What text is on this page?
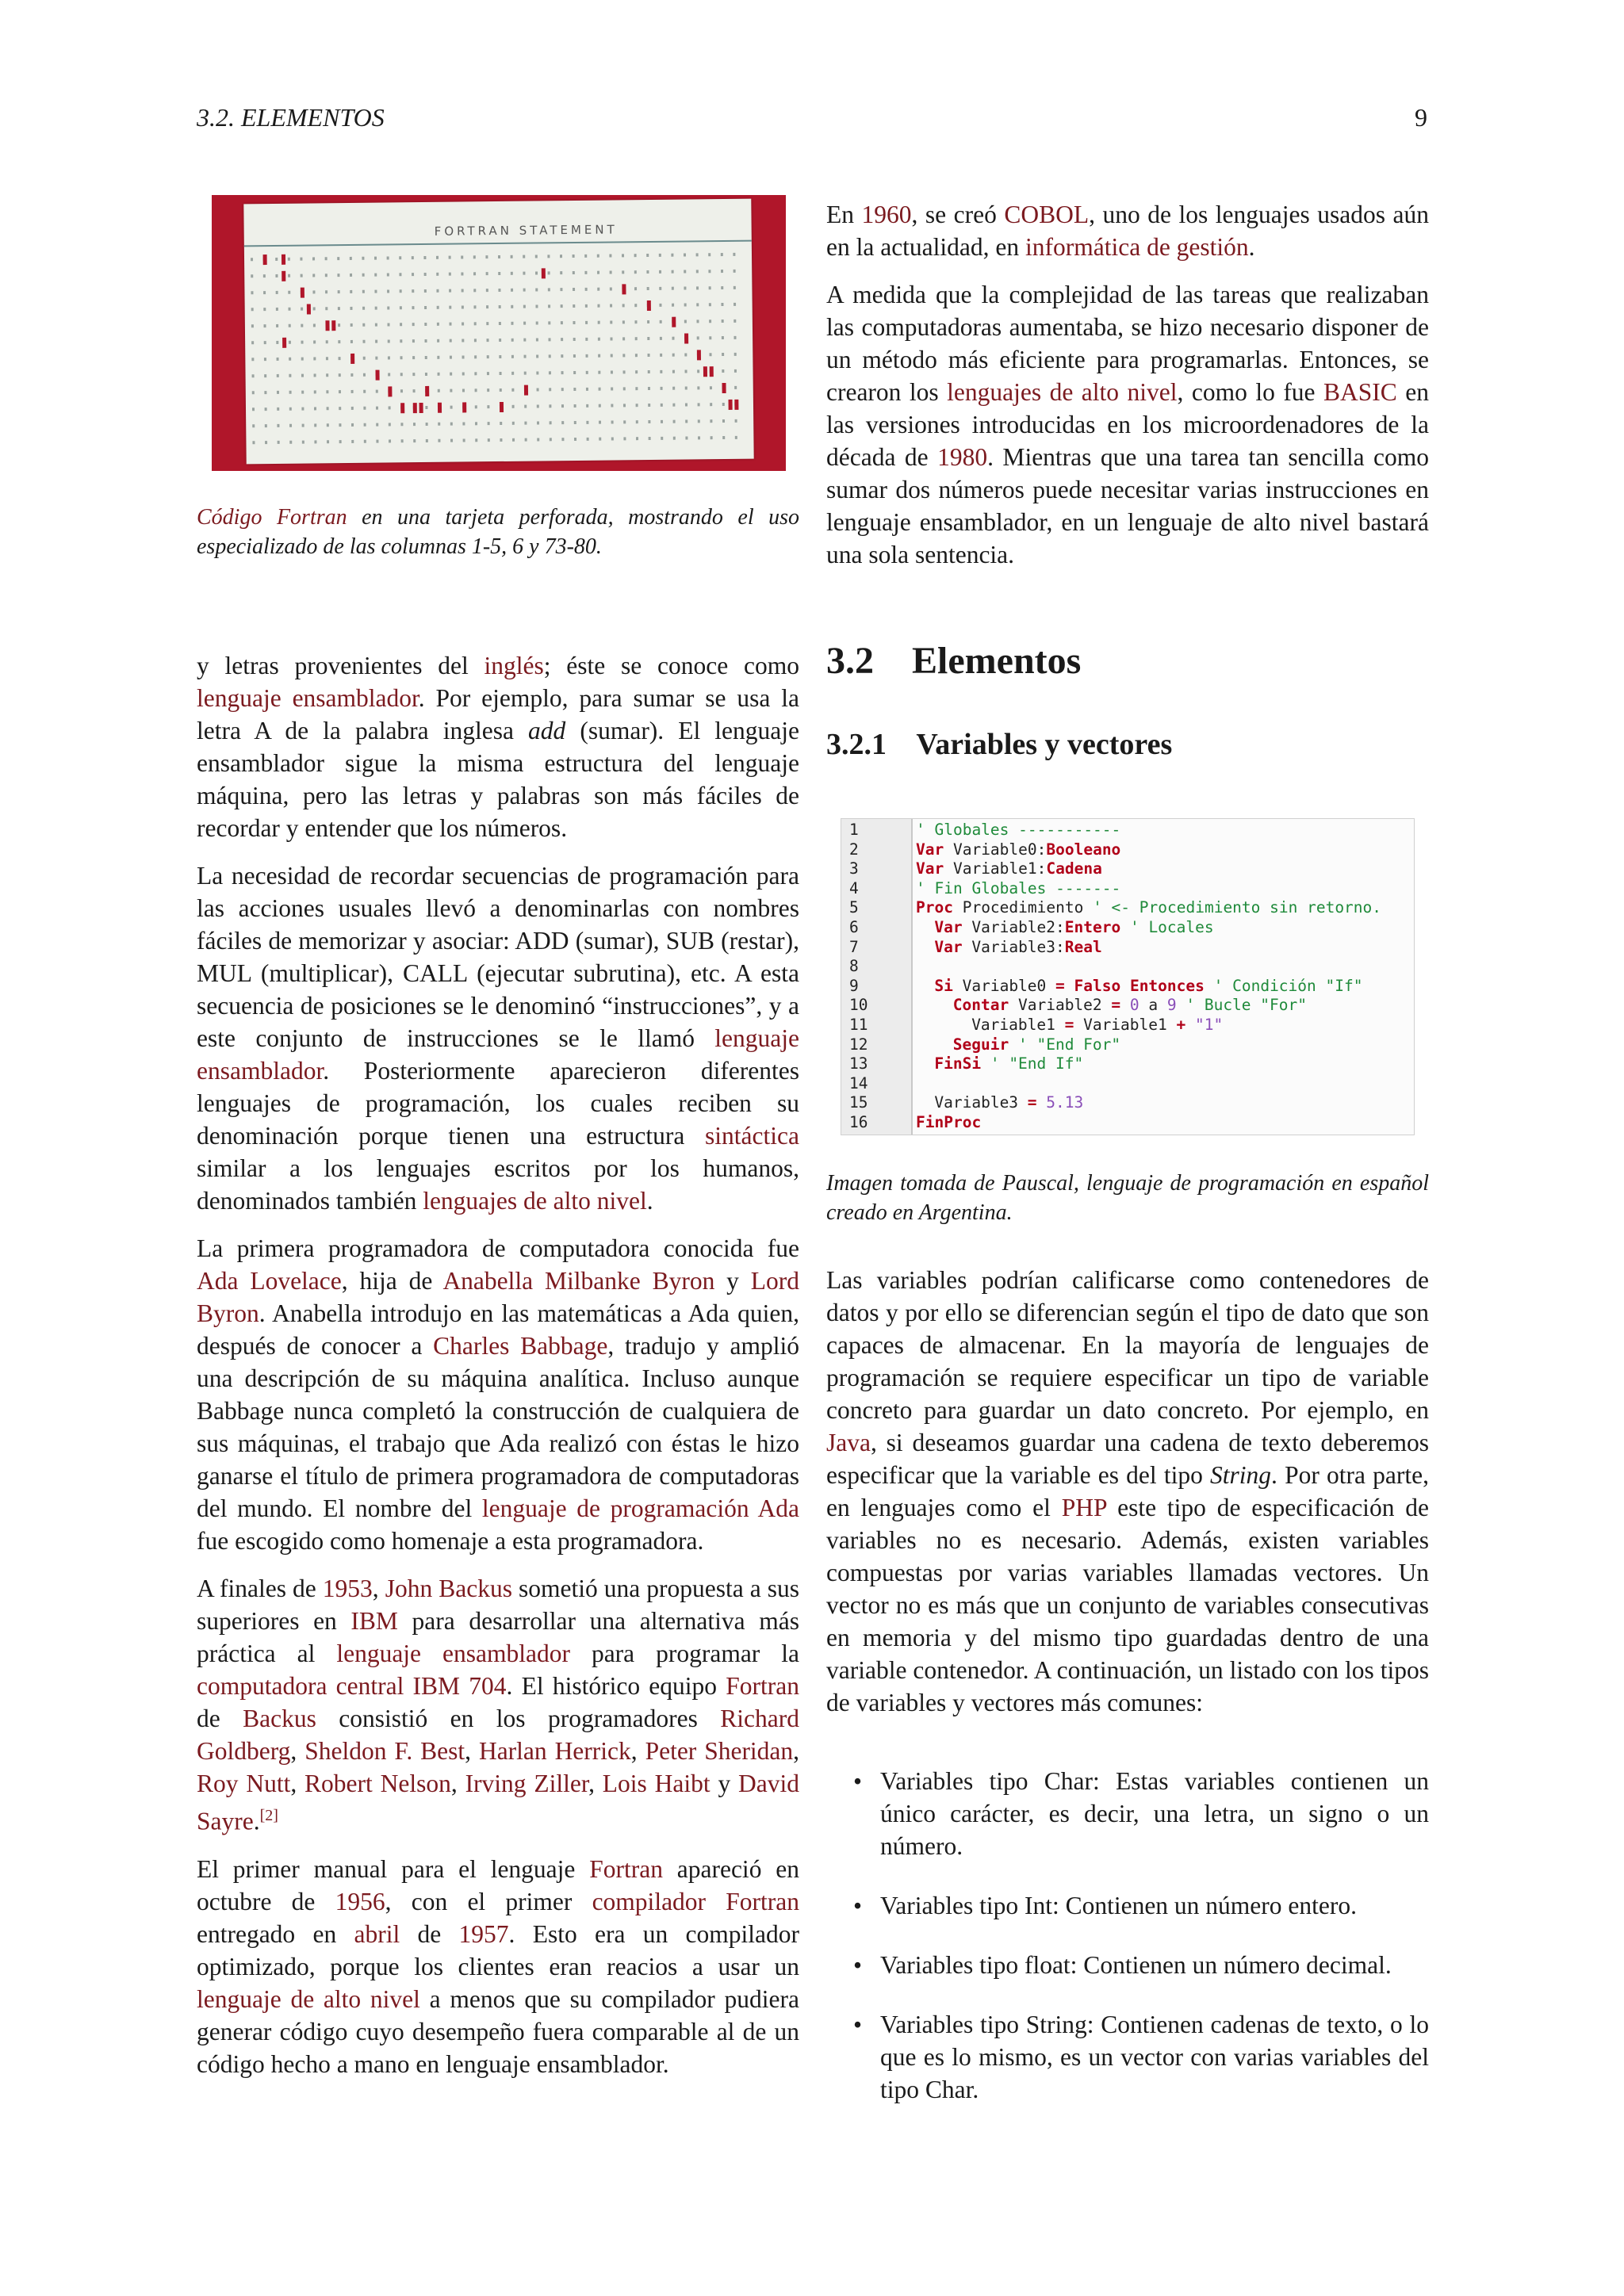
3.2. ELEMENTOS	9
FORTRAN STATEMENT
Código Fortran en una tarjeta perforada, mostrando el uso especializado de las columnas 1-5, 6 y 73-80.

y letras provenientes del inglés; éste se conoce como lenguaje ensamblador. Por ejemplo, para sumar se usa la letra A de la palabra inglesa add (sumar). El lenguaje ensamblador sigue la misma estructura del lenguaje máquina, pero las letras y palabras son más fáciles de recordar y entender que los números.

La necesidad de recordar secuencias de programación para las acciones usuales llevó a denominarlas con nombres fáciles de memorizar y asociar: ADD (sumar), SUB (restar), MUL (multiplicar), CALL (ejecutar subrutina), etc. A esta secuencia de posiciones se le denominó “instrucciones”, y a este conjunto de instrucciones se le llamó lenguaje ensamblador. Posteriormente aparecieron diferentes lenguajes de programación, los cuales reciben su denominación porque tienen una estructura sintáctica similar a los lenguajes escritos por los humanos, denominados también lenguajes de alto nivel.

La primera programadora de computadora conocida fue Ada Lovelace, hija de Anabella Milbanke Byron y Lord Byron. Anabella introdujo en las matemáticas a Ada quien, después de conocer a Charles Babbage, tradujo y amplió una descripción de su máquina analítica. Incluso aunque Babbage nunca completó la construcción de cualquiera de sus máquinas, el trabajo que Ada realizó con éstas le hizo ganarse el título de primera programadora de computadoras del mundo. El nombre del lenguaje de programación Ada fue escogido como homenaje a esta programadora.

A finales de 1953, John Backus sometió una propuesta a sus superiores en IBM para desarrollar una alternativa más práctica al lenguaje ensamblador para programar la computadora central IBM 704. El histórico equipo Fortran de Backus consistió en los programadores Richard Goldberg, Sheldon F. Best, Harlan Herrick, Peter Sheridan, Roy Nutt, Robert Nelson, Irving Ziller, Lois Haibt y David Sayre.[2]

El primer manual para el lenguaje Fortran apareció en octubre de 1956, con el primer compilador Fortran entregado en abril de 1957. Esto era un compilador optimizado, porque los clientes eran reacios a usar un lenguaje de alto nivel a menos que su compilador pudiera generar código cuyo desempeño fuera comparable al de un código hecho a mano en lenguaje ensamblador.

En 1960, se creó COBOL, uno de los lenguajes usados aún en la actualidad, en informática de gestión.

A medida que la complejidad de las tareas que realizaban las computadoras aumentaba, se hizo necesario disponer de un método más eficiente para programarlas. Entonces, se crearon los lenguajes de alto nivel, como lo fue BASIC en las versiones introducidas en los microordenadores de la década de 1980. Mientras que una tarea tan sencilla como sumar dos números puede necesitar varias instrucciones en lenguaje ensamblador, en un lenguaje de alto nivel bastará una sola sentencia.

3.2    Elementos
3.2.1    Variables y vectores
1	' Globales -----------
2	Var Variable0:Booleano
3	Var Variable1:Cadena
4	' Fin Globales -------
5	Proc Procedimiento ' <- Procedimiento sin retorno.
6	Var Variable2:Entero ' Locales
7	Var Variable3:Real
8
9	Si Variable0 = Falso Entonces ' Condición "If"
10	Contar Variable2 = 0 a 9 ' Bucle "For"
11	Variable1 = Variable1 + "1"
12	Seguir ' "End For"
13	FinSi ' "End If"
14
15	Variable3 = 5.13
16	FinProc
Imagen tomada de Pauscal, lenguaje de programación en español creado en Argentina.

Las variables podrían calificarse como contenedores de datos y por ello se diferencian según el tipo de dato que son capaces de almacenar. En la mayoría de lenguajes de programación se requiere especificar un tipo de variable concreto para guardar un dato concreto. Por ejemplo, en Java, si deseamos guardar una cadena de texto deberemos especificar que la variable es del tipo String. Por otra parte, en lenguajes como el PHP este tipo de especificación de variables no es necesario. Además, existen variables compuestas por varias variables llamadas vectores. Un vector no es más que un conjunto de variables consecutivas en memoria y del mismo tipo guardadas dentro de una variable contenedor. A continuación, un listado con los tipos de variables y vectores más comunes:

• Variables tipo Char: Estas variables contienen un único carácter, es decir, una letra, un signo o un número.
• Variables tipo Int: Contienen un número entero.
• Variables tipo float: Contienen un número decimal.
• Variables tipo String: Contienen cadenas de texto, o lo que es lo mismo, es un vector con varias variables del tipo Char.
